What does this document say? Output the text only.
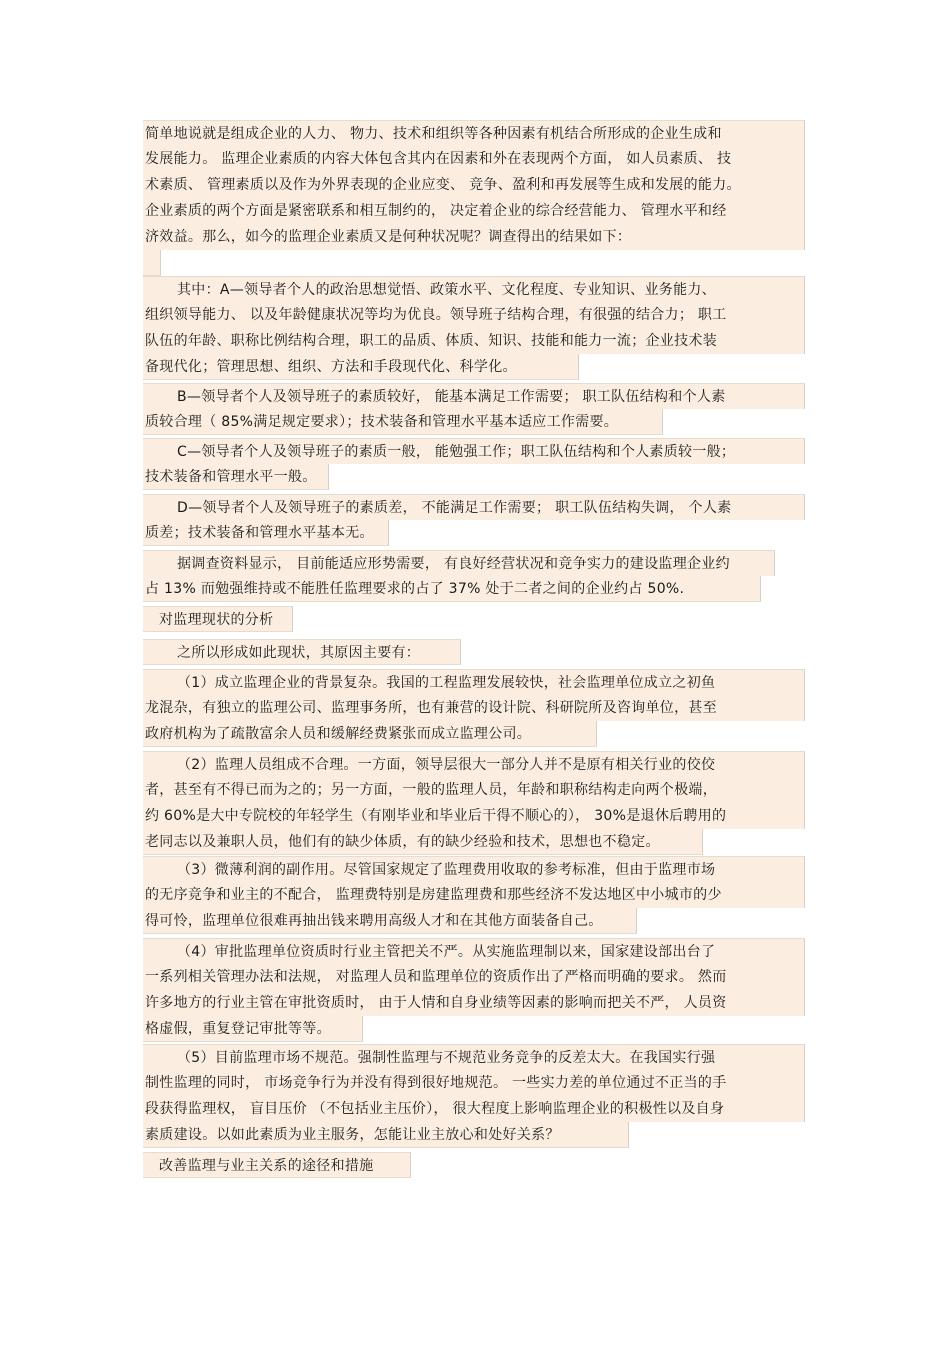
简单地说就是组成企业的人力、 物力、技术和组织等各种因素有机结合所形成的企业生成和
发展能力。 监理企业素质的内容大体包含其内在因素和外在表现两个方面， 如人员素质、 技
术素质、 管理素质以及作为外界表现的企业应变、 竞争、盈利和再发展等生成和发展的能力。
企业素质的两个方面是紧密联系和相互制约的， 决定着企业的综合经营能力、 管理水平和经
济效益。那么，如今的监理企业素质又是何种状况呢？调查得出的结果如下：
其中：A—领导者个人的政治思想觉悟、政策水平、文化程度、专业知识、业务能力、
组织领导能力、 以及年龄健康状况等均为优良。领导班子结构合理，有很强的结合力； 职工
队伍的年龄、职称比例结构合理，职工的品质、体质、知识、技能和能力一流；企业技术装
备现代化；管理思想、组织、方法和手段现代化、科学化。
B—领导者个人及领导班子的素质较好， 能基本满足工作需要； 职工队伍结构和个人素
质较合理（ 85%满足规定要求）；技术装备和管理水平基本适应工作需要。
C—领导者个人及领导班子的素质一般， 能勉强工作；职工队伍结构和个人素质较一般；
技术装备和管理水平一般。
D—领导者个人及领导班子的素质差， 不能满足工作需要； 职工队伍结构失调， 个人素
质差；技术装备和管理水平基本无。
据调查资料显示， 目前能适应形势需要， 有良好经营状况和竞争实力的建设监理企业约
占 13% 而勉强维持或不能胜任监理要求的占了 37% 处于二者之间的企业约占 50%.
对监理现状的分析
之所以形成如此现状，其原因主要有：
（1）成立监理企业的背景复杂。我国的工程监理发展较快，社会监理单位成立之初鱼
龙混杂，有独立的监理公司、监理事务所，也有兼营的设计院、科研院所及咨询单位，甚至
政府机构为了疏散富余人员和缓解经费紧张而成立监理公司。
（2）监理人员组成不合理。一方面，领导层很大一部分人并不是原有相关行业的佼佼
者，甚至有不得已而为之的；另一方面，一般的监理人员，年龄和职称结构走向两个极端，
约 60%是大中专院校的年轻学生（有刚毕业和毕业后干得不顺心的）， 30%是退休后聘用的
老同志以及兼职人员，他们有的缺少体质，有的缺少经验和技术，思想也不稳定。
（3）微薄利润的副作用。尽管国家规定了监理费用收取的参考标准，但由于监理市场
的无序竞争和业主的不配合， 监理费特别是房建监理费和那些经济不发达地区中小城市的少
得可怜，监理单位很难再抽出钱来聘用高级人才和在其他方面装备自己。
（4）审批监理单位资质时行业主管把关不严。从实施监理制以来，国家建设部出台了
一系列相关管理办法和法规， 对监理人员和监理单位的资质作出了严格而明确的要求。 然而
许多地方的行业主管在审批资质时， 由于人情和自身业绩等因素的影响而把关不严， 人员资
格虚假，重复登记审批等等。
（5）目前监理市场不规范。强制性监理与不规范业务竞争的反差太大。在我国实行强
制性监理的同时， 市场竞争行为并没有得到很好地规范。 一些实力差的单位通过不正当的手
段获得监理权， 盲目压价 （不包括业主压价）， 很大程度上影响监理企业的积极性以及自身
素质建设。以如此素质为业主服务，怎能让业主放心和处好关系？
改善监理与业主关系的途径和措施
